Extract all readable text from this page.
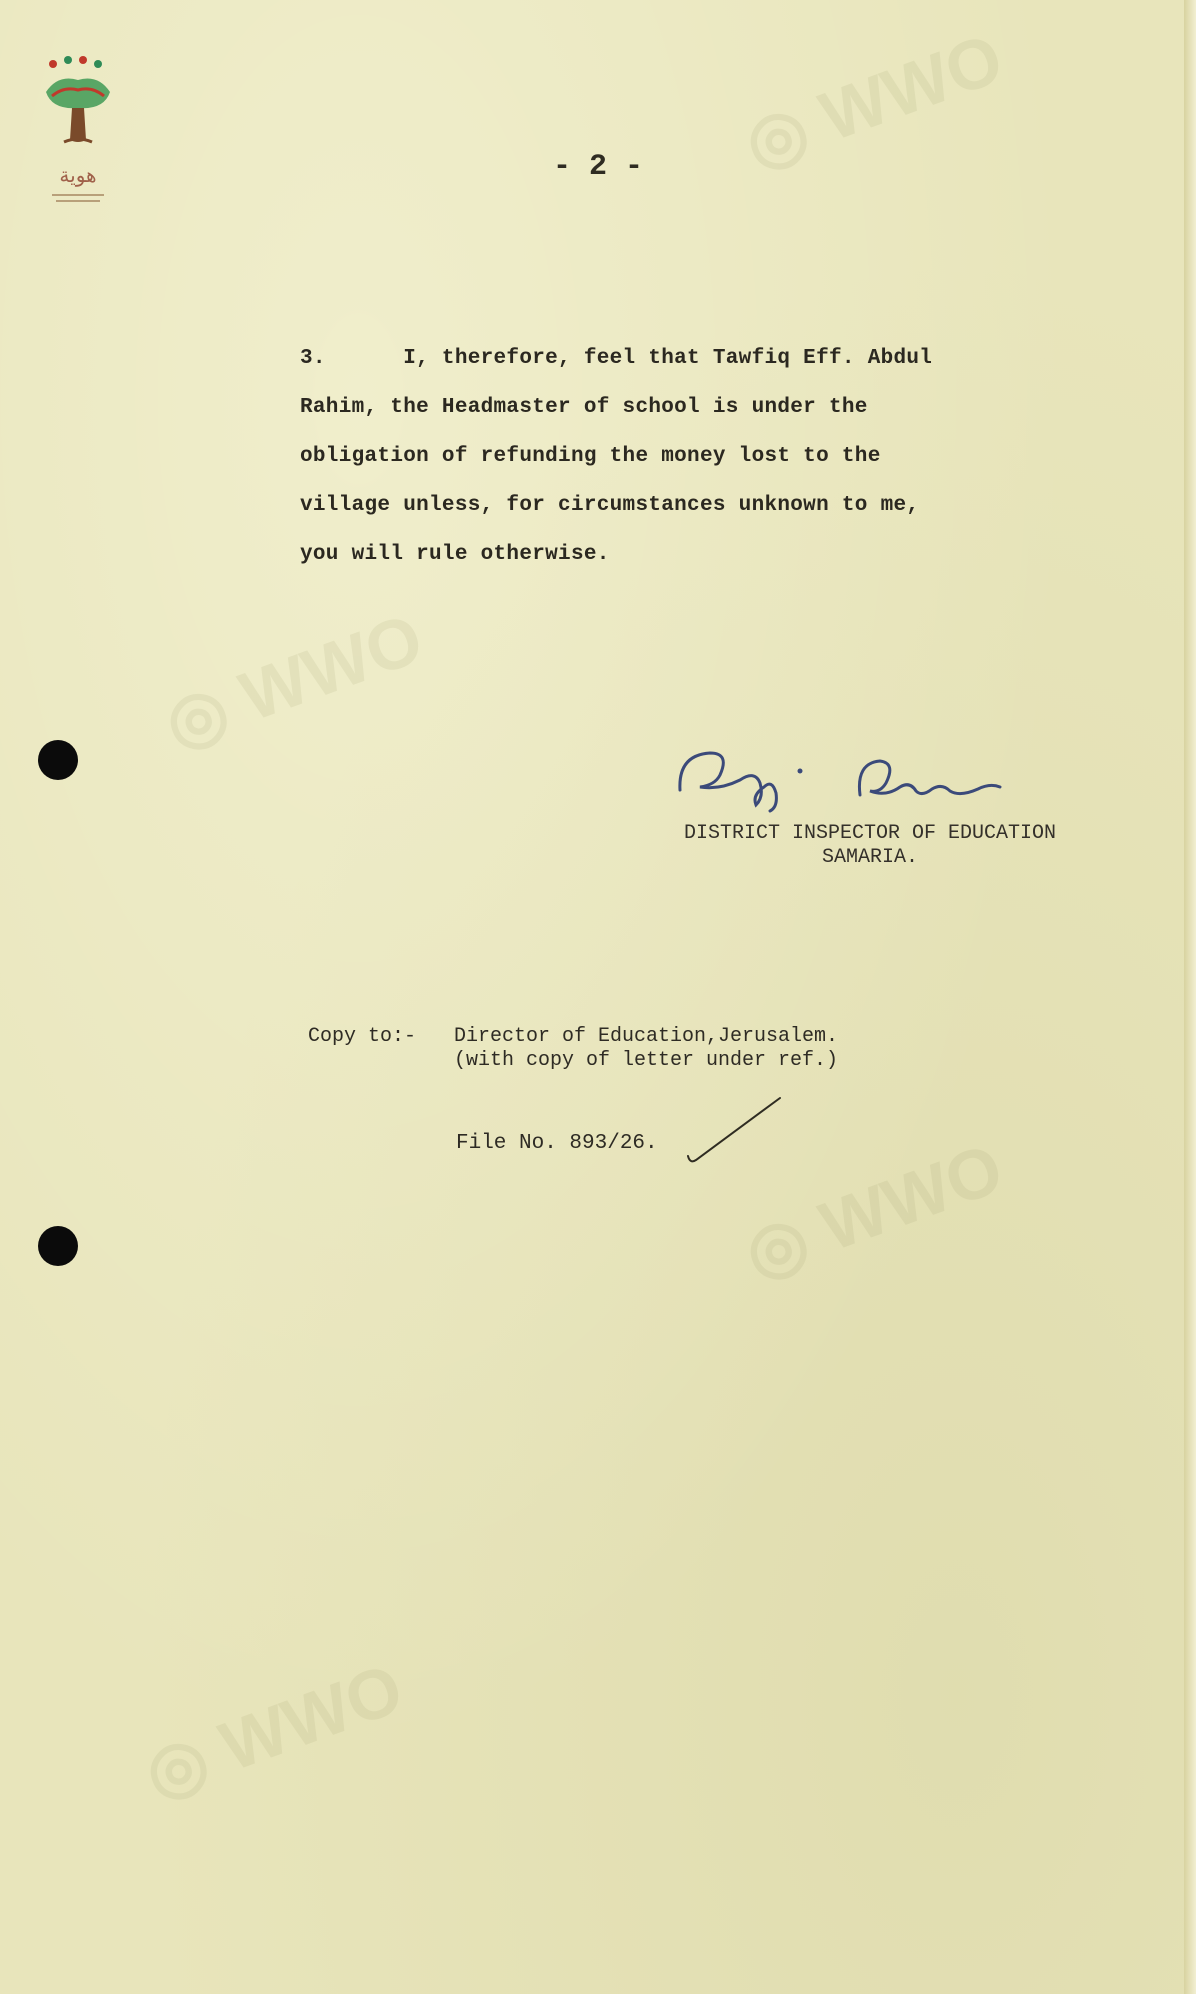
◎ WWO
◎ WWO
◎ WWO
◎ WWO
هوية	- 2 -
3.      I, therefore, feel that Tawfiq Eff. Abdul
Rahim, the Headmaster of school is under the
obligation of refunding the money lost to the
village unless, for circumstances unknown to me,
you will rule otherwise.
DISTRICT INSPECTOR OF EDUCATION
SAMARIA.
Copy to:- Director of Education,Jerusalem.
(with copy of letter under ref.)
File No. 893/26.
